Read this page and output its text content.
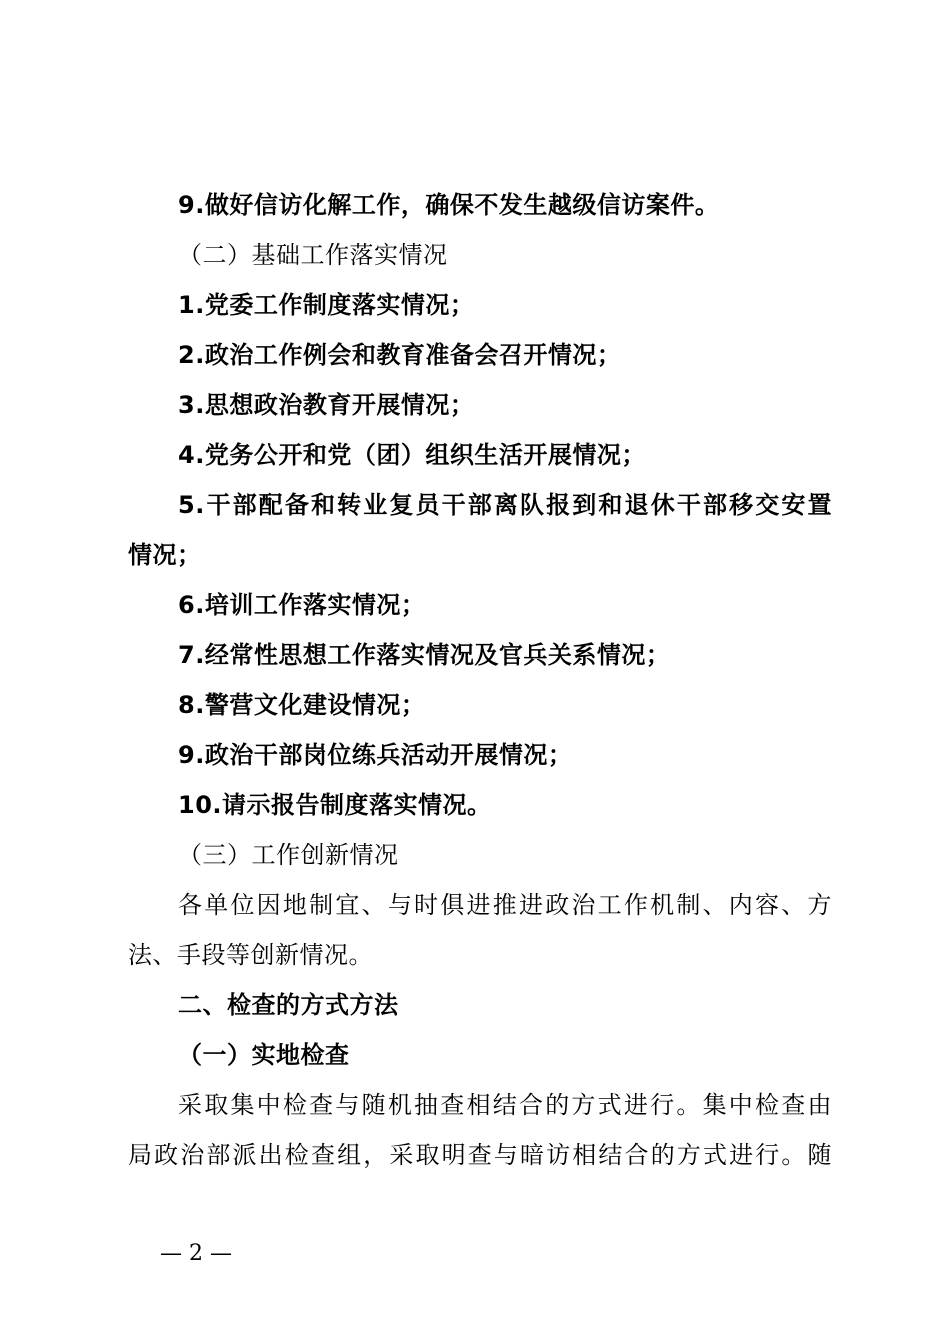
9.做好信访化解工作，确保不发生越级信访案件。
（二）基础工作落实情况
1.党委工作制度落实情况；
2.政治工作例会和教育准备会召开情况；
3.思想政治教育开展情况；
4.党务公开和党（团）组织生活开展情况；
5.干部配备和转业复员干部离队报到和退休干部移交安置
情况；
6.培训工作落实情况；
7.经常性思想工作落实情况及官兵关系情况；
8.警营文化建设情况；
9.政治干部岗位练兵活动开展情况；
10.请示报告制度落实情况。
（三）工作创新情况
各单位因地制宜、与时俱进推进政治工作机制、内容、方
法、手段等创新情况。
二、检查的方式方法
（一）实地检查
采取集中检查与随机抽查相结合的方式进行。集中检查由
局政治部派出检查组，采取明查与暗访相结合的方式进行。随
— 2 —
